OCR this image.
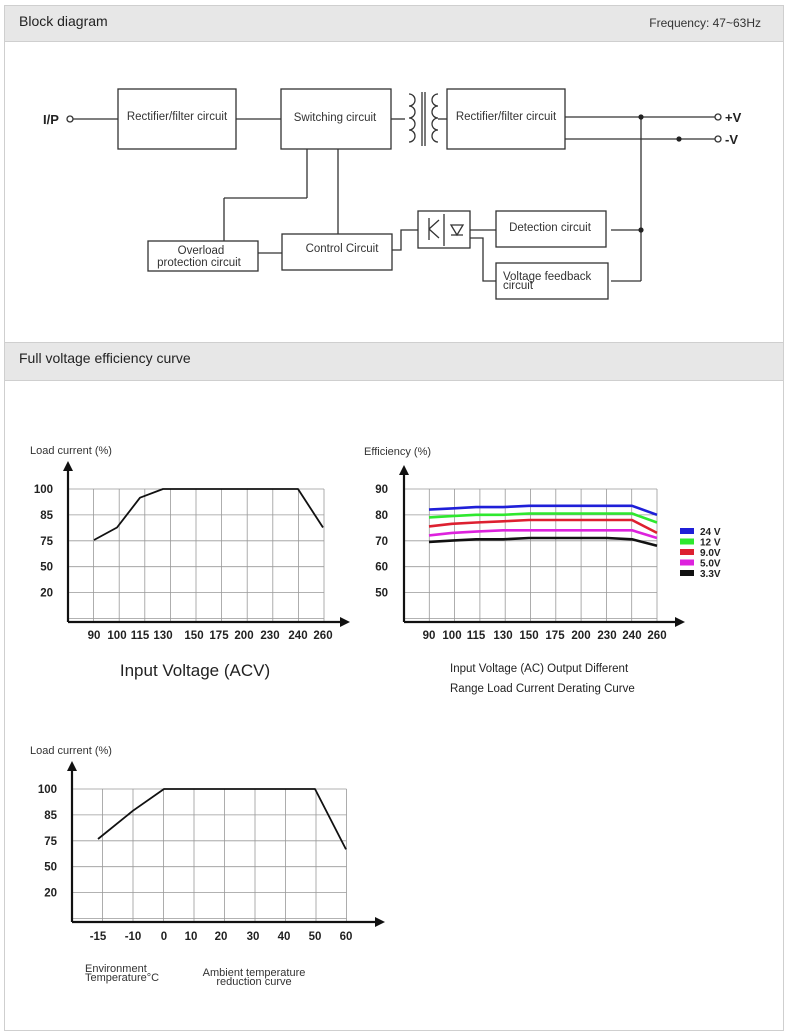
Block diagram	Frequency: 47~63Hz
I/P	+V
-V
Rectifier/filter circuit	Switching circuit	Rectifier/filter circuit
Overload
protection circuit
Control Circuit
Detection circuit
Voltage feedback
circuit
Full voltage efficiency curve
Load current (%)
Input Voltage (ACV)
100
85
75
50
20
90 100 115 130 150 175 200 230 240 260
Efficiency (%)
Input Voltage (AC) Output Different
Range Load Current Derating Curve
90
80
70
60
50
90 100 115 130 150 175 200 230 240 260
24 V
12 V
9.0V
5.0V
3.3V
Load current (%)
Environment
Temperature°C	Ambient temperature
reduction curve
100
85
75
50
20
-15 -10 0 10 20 30 40 50 60
